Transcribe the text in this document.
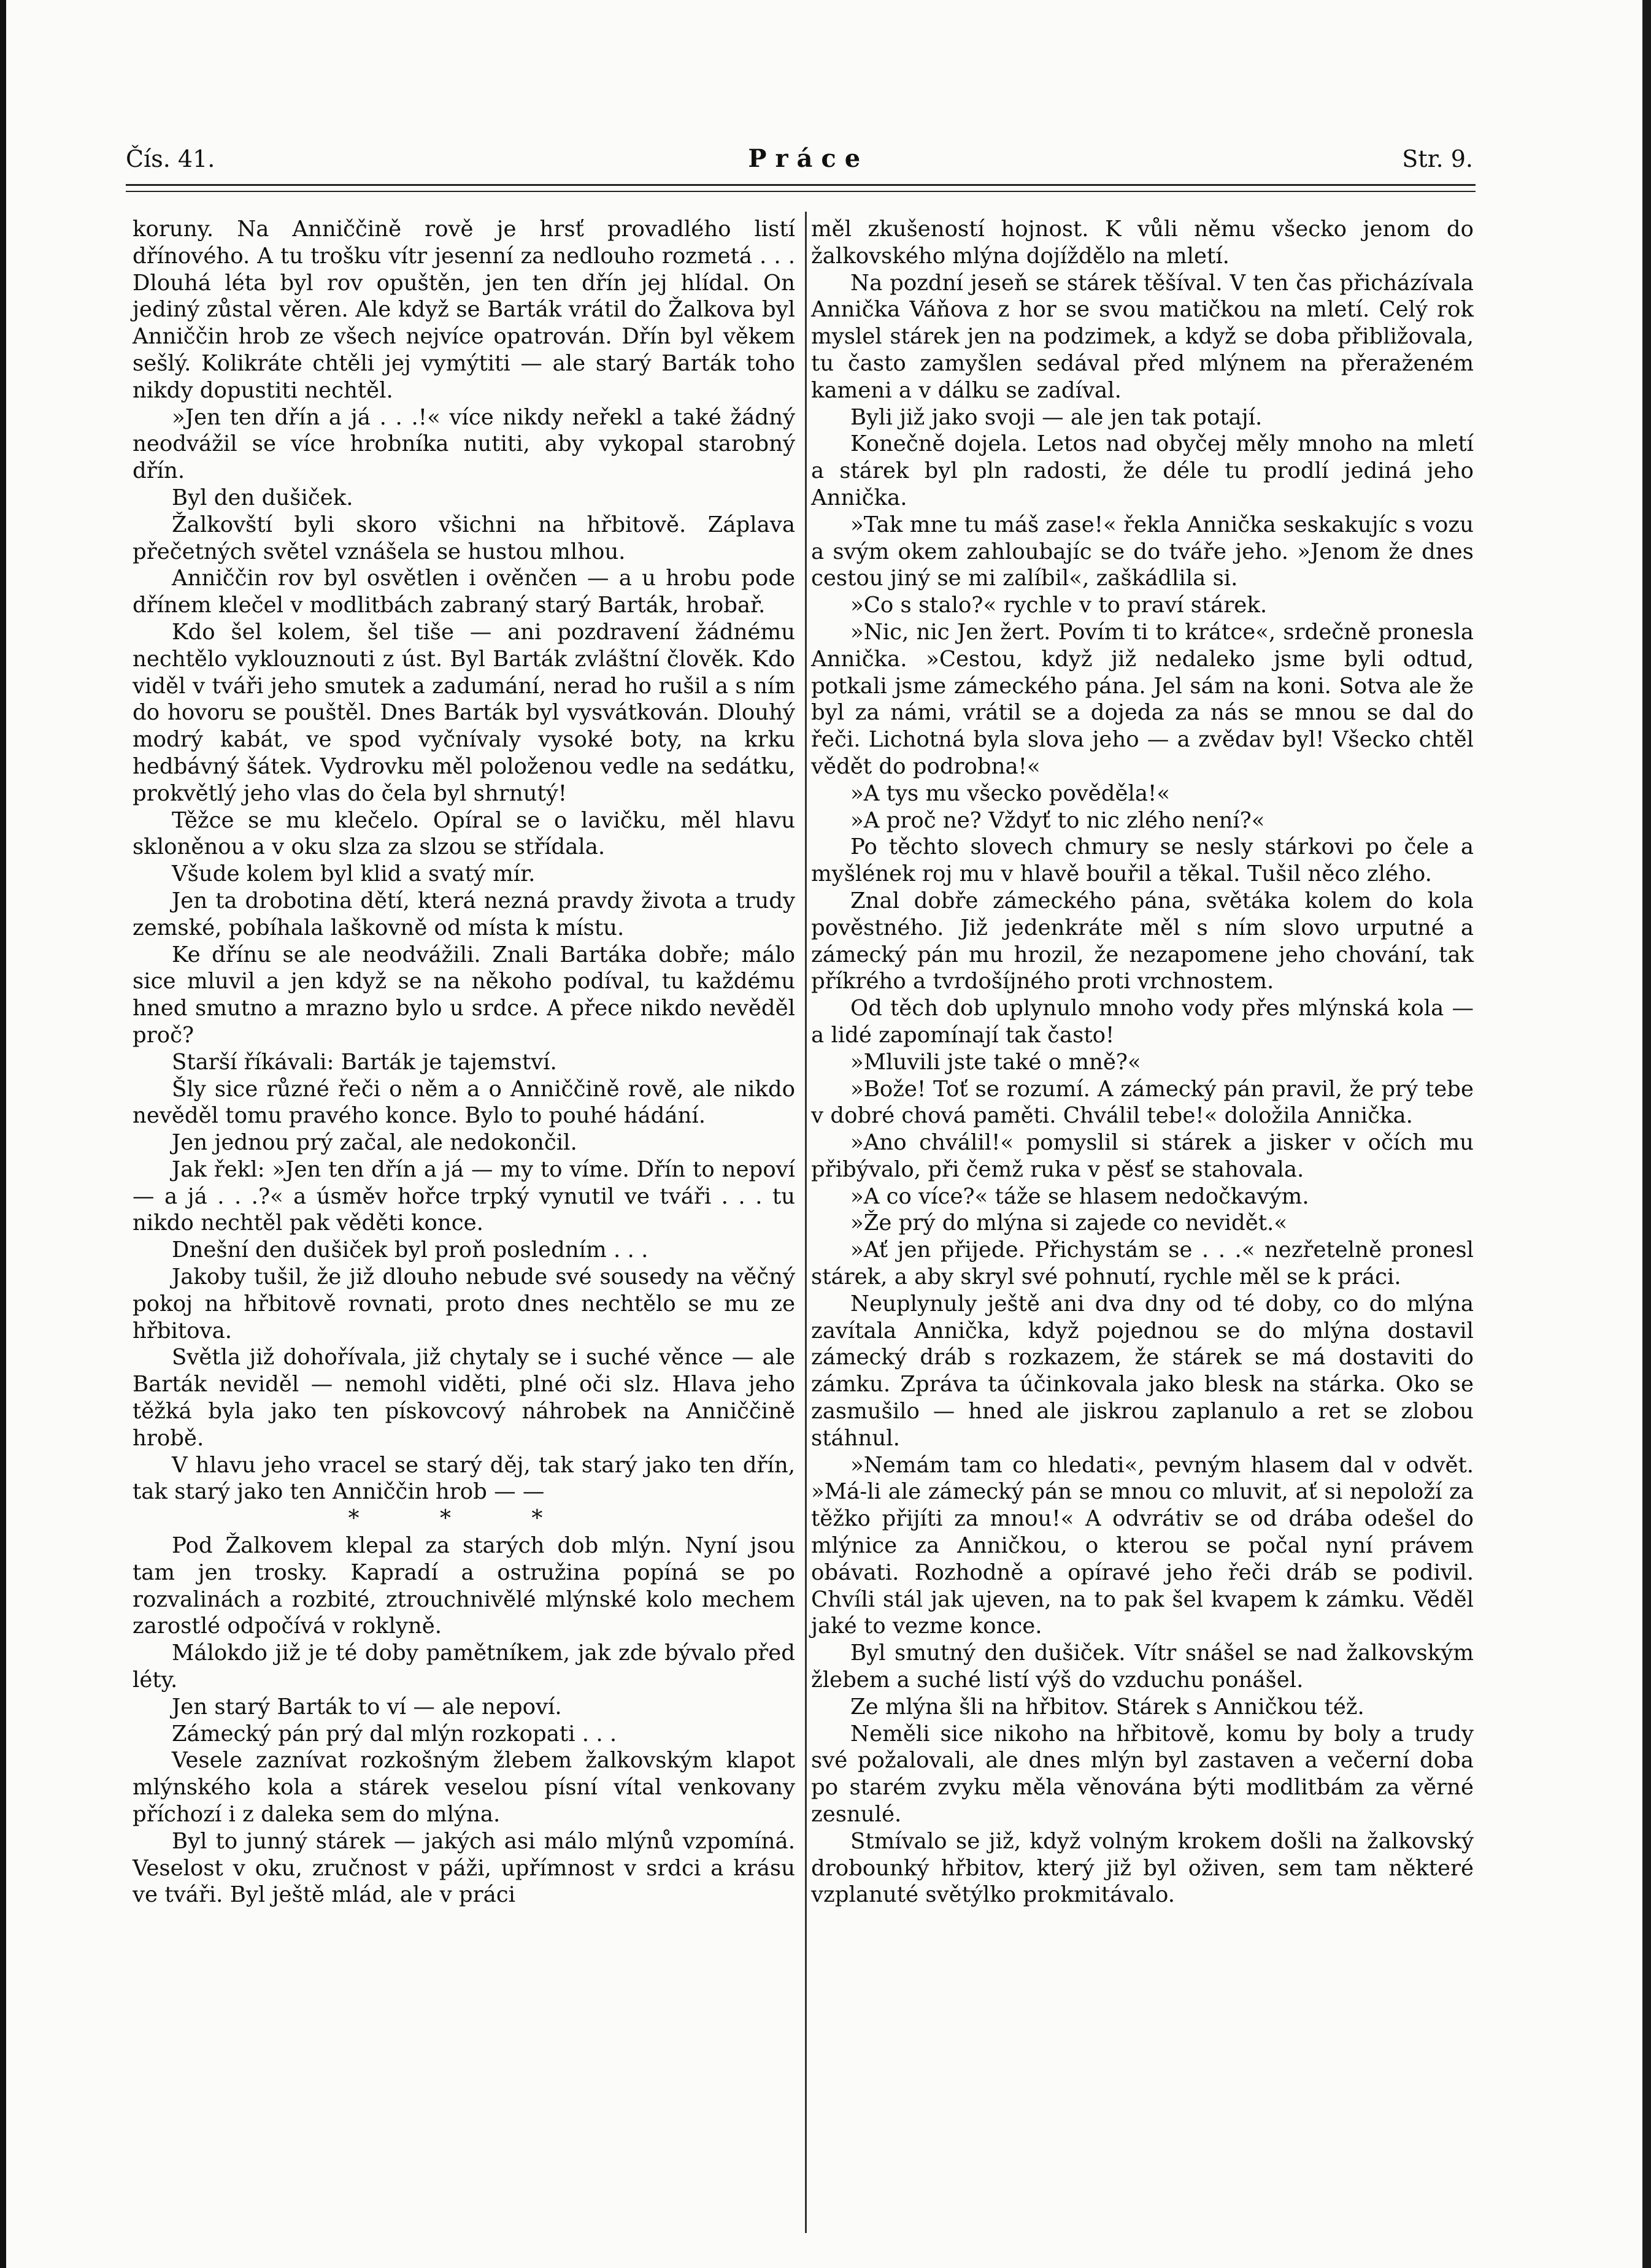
Čís. 41.	Práce	Str. 9.

koruny. Na Anniččině rově je hrsť provadlého listí dřínového. A tu trošku vítr jesenní za nedlouho rozmetá . . . Dlouhá léta byl rov opuštěn, jen ten dřín jej hlídal. On jediný zůstal věren. Ale když se Barták vrátil do Žalkova byl Anniččin hrob ze všech nejvíce opatrován. Dřín byl věkem sešlý. Kolikráte chtěli jej vymýtiti — ale starý Barták toho nikdy dopustiti nechtěl.

»Jen ten dřín a já . . .!« více nikdy neřekl a také žádný neodvážil se více hrobníka nutiti, aby vykopal starobný dřín.

Byl den dušiček.

Žalkovští byli skoro všichni na hřbitově. Záplava přečetných světel vznášela se hustou mlhou.

Anniččin rov byl osvětlen i ověnčen — a u hrobu pode dřínem klečel v modlitbách zabraný starý Barták, hrobař.

Kdo šel kolem, šel tiše — ani pozdravení žádnému nechtělo vyklouznouti z úst. Byl Barták zvláštní člověk. Kdo viděl v tváři jeho smutek a zadumání, nerad ho rušil a s ním do hovoru se pouštěl. Dnes Barták byl vysvátkován. Dlouhý modrý kabát, ve spod vyčnívaly vysoké boty, na krku hedbávný šátek. Vydrovku měl položenou vedle na sedátku, prokvětlý jeho vlas do čela byl shrnutý!

Těžce se mu klečelo. Opíral se o lavičku, měl hlavu skloněnou a v oku slza za slzou se střídala.

Všude kolem byl klid a svatý mír.

Jen ta drobotina dětí, která nezná pravdy života a trudy zemské, pobíhala laškovně od místa k místu.

Ke dřínu se ale neodvážili. Znali Bartáka dobře; málo sice mluvil a jen když se na někoho podíval, tu každému hned smutno a mrazno bylo u srdce. A přece nikdo nevěděl proč?

Starší říkávali: Barták je tajemství.

Šly sice různé řeči o něm a o Anniččině rově, ale nikdo nevěděl tomu pravého konce. Bylo to pouhé hádání.

Jen jednou prý začal, ale nedokončil.

Jak řekl: »Jen ten dřín a já — my to víme. Dřín to nepoví — a já . . .?« a úsměv hořce trpký vynutil ve tváři . . . tu nikdo nechtěl pak věděti konce.

Dnešní den dušiček byl proň posledním . . .

Jakoby tušil, že již dlouho nebude své sousedy na věčný pokoj na hřbitově rovnati, proto dnes nechtělo se mu ze hřbitova.

Světla již dohořívala, již chytaly se i suché věnce — ale Barták neviděl — nemohl viděti, plné oči slz. Hlava jeho těžká byla jako ten pískovcový náhrobek na Anniččině hrobě.

V hlavu jeho vracel se starý děj, tak starý jako ten dřín, tak starý jako ten Anniččin hrob — —

* * *

Pod Žalkovem klepal za starých dob mlýn. Nyní jsou tam jen trosky. Kapradí a ostružina popíná se po rozvalinách a rozbité, ztrouchnivělé mlýnské kolo mechem zarostlé odpočívá v roklyně.

Málokdo již je té doby pamětníkem, jak zde bývalo před léty.

Jen starý Barták to ví — ale nepoví.

Zámecký pán prý dal mlýn rozkopati . . .

Vesele zaznívat rozkošným žlebem žalkovským klapot mlýnského kola a stárek veselou písní vítal venkovany příchozí i z daleka sem do mlýna.

Byl to junný stárek — jakých asi málo mlýnů vzpomíná. Veselost v oku, zručnost v páži, upřímnost v srdci a krásu ve tváři. Byl ještě mlád, ale v práci

měl zkušeností hojnost. K vůli němu všecko jenom do žalkovského mlýna dojíždělo na mletí.

Na pozdní jeseň se stárek těšíval. V ten čas přicházívala Annička Váňova z hor se svou matičkou na mletí. Celý rok myslel stárek jen na podzimek, a když se doba přibližovala, tu často zamyšlen sedával před mlýnem na přeraženém kameni a v dálku se zadíval.

Byli již jako svoji — ale jen tak potají.

Konečně dojela. Letos nad obyčej měly mnoho na mletí a stárek byl pln radosti, že déle tu prodlí jediná jeho Annička.

»Tak mne tu máš zase!« řekla Annička seskakujíc s vozu a svým okem zahloubajíc se do tváře jeho. »Jenom že dnes cestou jiný se mi zalíbil«, zaškádlila si.

»Co s stalo?« rychle v to praví stárek.

»Nic, nic Jen žert. Povím ti to krátce«, srdečně pronesla Annička. »Cestou, když již nedaleko jsme byli odtud, potkali jsme zámeckého pána. Jel sám na koni. Sotva ale že byl za námi, vrátil se a dojeda za nás se mnou se dal do řeči. Lichotná byla slova jeho — a zvědav byl! Všecko chtěl vědět do podrobna!«

»A tys mu všecko pověděla!«

»A proč ne? Vždyť to nic zlého není?«

Po těchto slovech chmury se nesly stárkovi po čele a myšlének roj mu v hlavě bouřil a těkal. Tušil něco zlého.

Znal dobře zámeckého pána, světáka kolem do kola pověstného. Již jedenkráte měl s ním slovo urputné a zámecký pán mu hrozil, že nezapomene jeho chování, tak příkrého a tvrdošíjného proti vrchnostem.

Od těch dob uplynulo mnoho vody přes mlýnská kola — a lidé zapomínají tak často!

»Mluvili jste také o mně?«

»Bože! Toť se rozumí. A zámecký pán pravil, že prý tebe v dobré chová paměti. Chválil tebe!« doložila Annička.

»Ano chválil!« pomyslil si stárek a jisker v očích mu přibývalo, při čemž ruka v pěsť se stahovala.

»A co více?« táže se hlasem nedočkavým.

»Že prý do mlýna si zajede co nevidět.«

»Ať jen přijede. Přichystám se . . .« nezřetelně pronesl stárek, a aby skryl své pohnutí, rychle měl se k práci.

Neuplynuly ještě ani dva dny od té doby, co do mlýna zavítala Annička, když pojednou se do mlýna dostavil zámecký dráb s rozkazem, že stárek se má dostaviti do zámku. Zpráva ta účinkovala jako blesk na stárka. Oko se zasmušilo — hned ale jiskrou zaplanulo a ret se zlobou stáhnul.

»Nemám tam co hledati«, pevným hlasem dal v odvět. »Má-li ale zámecký pán se mnou co mluvit, ať si nepoloží za těžko přijíti za mnou!« A odvrátiv se od drába odešel do mlýnice za Anničkou, o kterou se počal nyní právem obávati. Rozhodně a opíravé jeho řeči dráb se podivil. Chvíli stál jak ujeven, na to pak šel kvapem k zámku. Věděl jaké to vezme konce.

Byl smutný den dušiček. Vítr snášel se nad žalkovským žlebem a suché listí výš do vzduchu ponášel.

Ze mlýna šli na hřbitov. Stárek s Anničkou též.

Neměli sice nikoho na hřbitově, komu by boly a trudy své požalovali, ale dnes mlýn byl zastaven a večerní doba po starém zvyku měla věnována býti modlitbám za věrné zesnulé.

Stmívalo se již, když volným krokem došli na žalkovský drobounký hřbitov, který již byl oživen, sem tam některé vzplanuté světýlko prokmitávalo.
